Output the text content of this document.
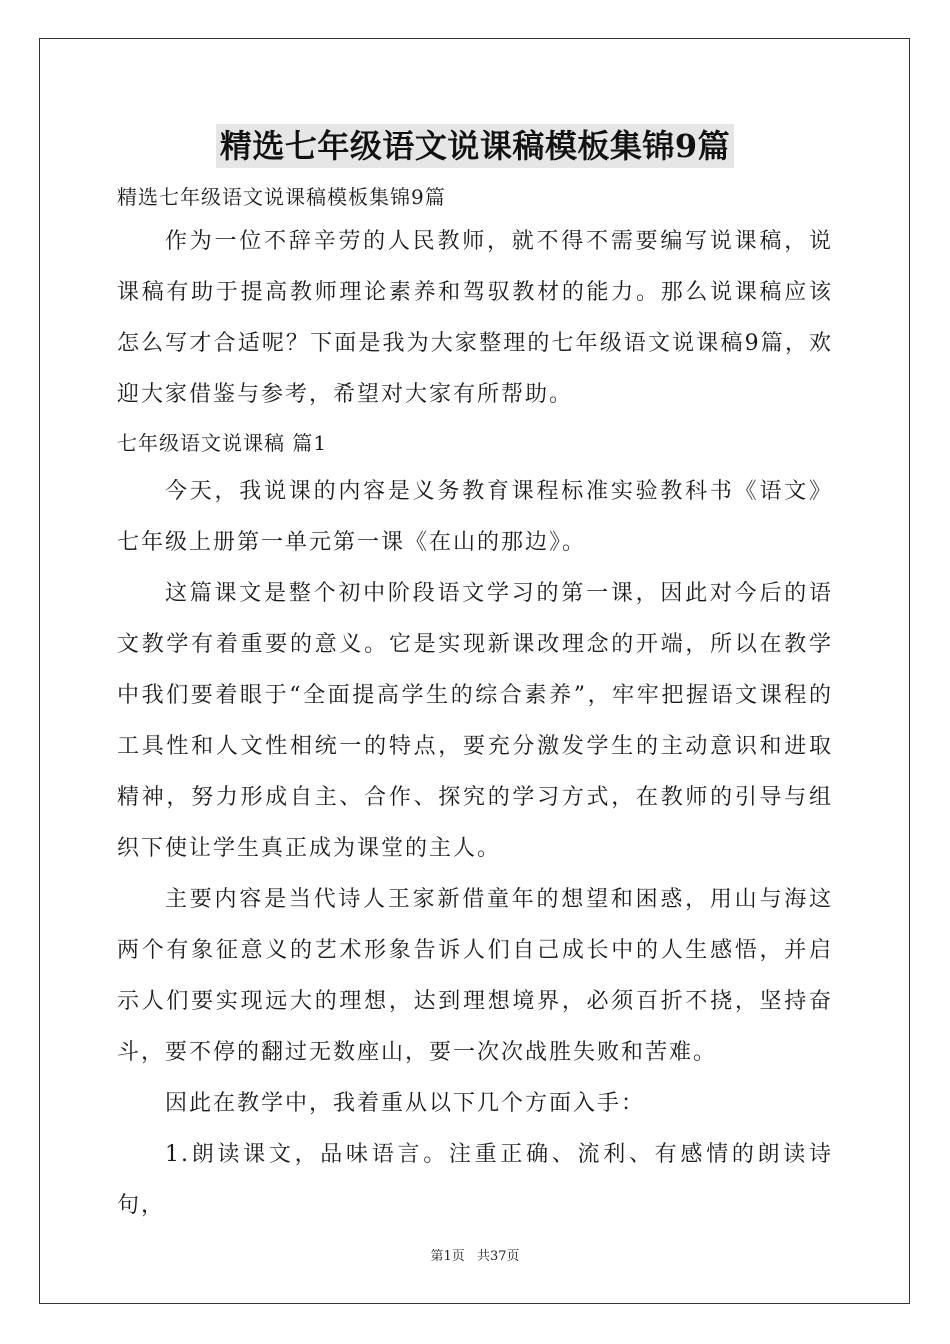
精选七年级语文说课稿模板集锦9篇

精选七年级语文说课稿模板集锦9篇

作为一位不辞辛劳的人民教师，就不得不需要编写说课稿，说课稿有助于提高教师理论素养和驾驭教材的能力。那么说课稿应该怎么写才合适呢？下面是我为大家整理的七年级语文说课稿9篇，欢迎大家借鉴与参考，希望对大家有所帮助。

七年级语文说课稿 篇1

今天，我说课的内容是义务教育课程标准实验教科书《语文》七年级上册第一单元第一课《在山的那边》。

这篇课文是整个初中阶段语文学习的第一课，因此对今后的语文教学有着重要的意义。它是实现新课改理念的开端，所以在教学中我们要着眼于“全面提高学生的综合素养”，牢牢把握语文课程的工具性和人文性相统一的特点，要充分激发学生的主动意识和进取精神，努力形成自主、合作、探究的学习方式，在教师的引导与组织下使让学生真正成为课堂的主人。

主要内容是当代诗人王家新借童年的想望和困惑，用山与海这两个有象征意义的艺术形象告诉人们自己成长中的人生感悟，并启示人们要实现远大的理想，达到理想境界，必须百折不挠，坚持奋斗，要不停的翻过无数座山，要一次次战胜失败和苦难。

因此在教学中，我着重从以下几个方面入手：

1.朗读课文，品味语言。注重正确、流利、有感情的朗读诗句，

第1页 共37页
